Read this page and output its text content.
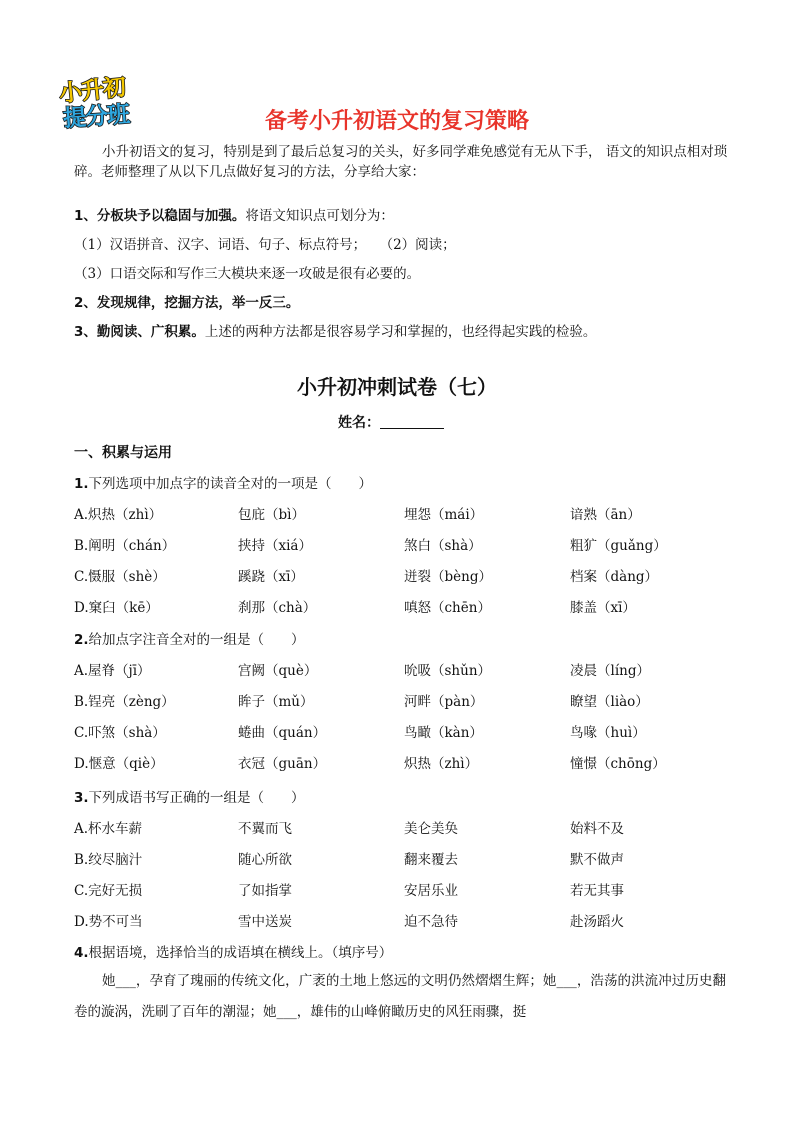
小升初
提分班	备考小升初语文的复习策略
小升初语文的复习，特别是到了最后总复习的关头，好多同学难免感觉有无从下手， 语文的知识点相对琐碎。老师整理了从以下几点做好复习的方法，分享给大家：
1、分板块予以稳固与加强。将语文知识点可划分为：
（1）汉语拼音、汉字、词语、句子、标点符号；　　（2）阅读；
（3）口语交际和写作三大模块来逐一攻破是很有必要的。
2、发现规律，挖掘方法，举一反三。
3、勤阅读、广积累。上述的两种方法都是很容易学习和掌握的，也经得起实践的检验。
小升初冲刺试卷（七）
姓名：
一、积累与运用
1.下列选项中加点字的读音全对的一项是（　　）
A.炽热（zhì）	包庇（bì）	埋怨（mái）	谙熟（ān）
B.阐明（chán）	挟持（xiá）	煞白（shà）	粗犷（guǎng）
C.慑服（shè）	蹊跷（xī）	迸裂（bèng）	档案（dàng）
D.窠臼（kē）	刹那（chà）	嗔怒（chēn）	膝盖（xī）
2.给加点字注音全对的一组是（　　）
A.屋脊（jī）	宫阙（què）	吮吸（shǔn）	凌晨（líng）
B.锃亮（zèng）	眸子（mǔ）	河畔（pàn）	瞭望（liào）
C.吓煞（shà）	蜷曲（quán）	鸟瞰（kàn）	鸟喙（huì）
D.惬意（qiè）	衣冠（guān）	炽热（zhì）	憧憬（chōng）
3.下列成语书写正确的一组是（　　）
A.杯水车薪	不翼而飞	美仑美奂	始料不及
B.绞尽脑汁	随心所欲	翻来覆去	默不做声
C.完好无损	了如指掌	安居乐业	若无其事
D.势不可当	雪中送炭	迫不急待	赴汤蹈火
4.根据语境，选择恰当的成语填在横线上。（填序号）
她___，孕育了瑰丽的传统文化，广袤的土地上悠远的文明仍然熠熠生辉；她___，浩荡的洪流冲过历史翻卷的漩涡，洗刷了百年的潮湿；她___，雄伟的山峰俯瞰历史的风狂雨骤，挺
